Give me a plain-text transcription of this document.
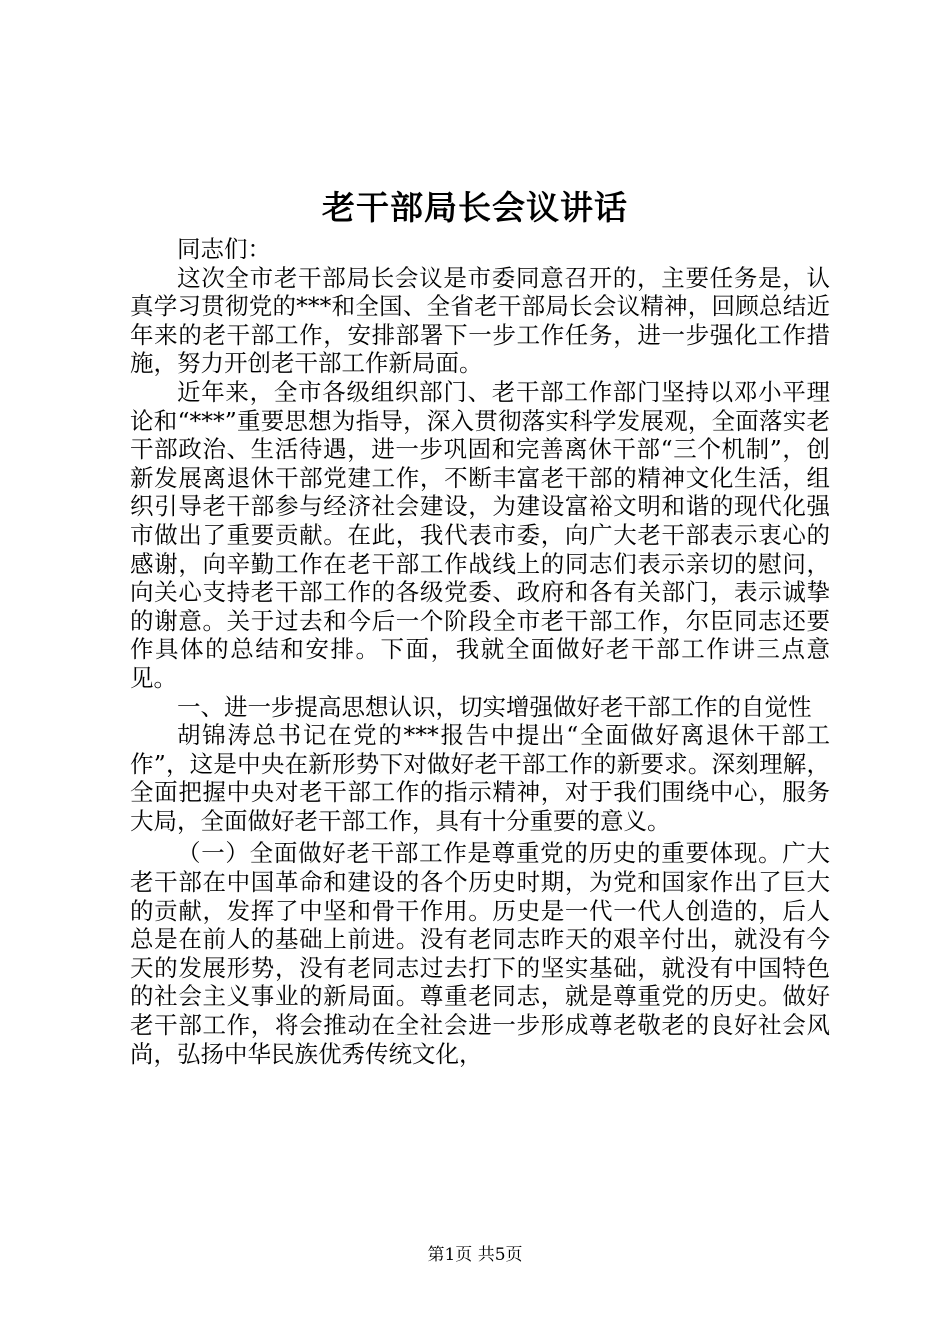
老干部局长会议讲话

同志们：

这次全市老干部局长会议是市委同意召开的，主要任务是，认真学习贯彻党的***和全国、全省老干部局长会议精神，回顾总结近年来的老干部工作，安排部署下一步工作任务，进一步强化工作措施，努力开创老干部工作新局面。

近年来，全市各级组织部门、老干部工作部门坚持以邓小平理论和“***”重要思想为指导，深入贯彻落实科学发展观，全面落实老干部政治、生活待遇，进一步巩固和完善离休干部“三个机制”，创新发展离退休干部党建工作，不断丰富老干部的精神文化生活，组织引导老干部参与经济社会建设，为建设富裕文明和谐的现代化强市做出了重要贡献。在此，我代表市委，向广大老干部表示衷心的感谢，向辛勤工作在老干部工作战线上的同志们表示亲切的慰问，向关心支持老干部工作的各级党委、政府和各有关部门，表示诚挚的谢意。关于过去和今后一个阶段全市老干部工作，尔臣同志还要作具体的总结和安排。下面，我就全面做好老干部工作讲三点意见。

一、进一步提高思想认识，切实增强做好老干部工作的自觉性

胡锦涛总书记在党的***报告中提出“全面做好离退休干部工作”，这是中央在新形势下对做好老干部工作的新要求。深刻理解，全面把握中央对老干部工作的指示精神，对于我们围绕中心，服务大局，全面做好老干部工作，具有十分重要的意义。

（一）全面做好老干部工作是尊重党的历史的重要体现。广大老干部在中国革命和建设的各个历史时期，为党和国家作出了巨大的贡献，发挥了中坚和骨干作用。历史是一代一代人创造的，后人总是在前人的基础上前进。没有老同志昨天的艰辛付出，就没有今天的发展形势，没有老同志过去打下的坚实基础，就没有中国特色的社会主义事业的新局面。尊重老同志，就是尊重党的历史。做好老干部工作，将会推动在全社会进一步形成尊老敬老的良好社会风尚，弘扬中华民族优秀传统文化，

第1页 共5页
